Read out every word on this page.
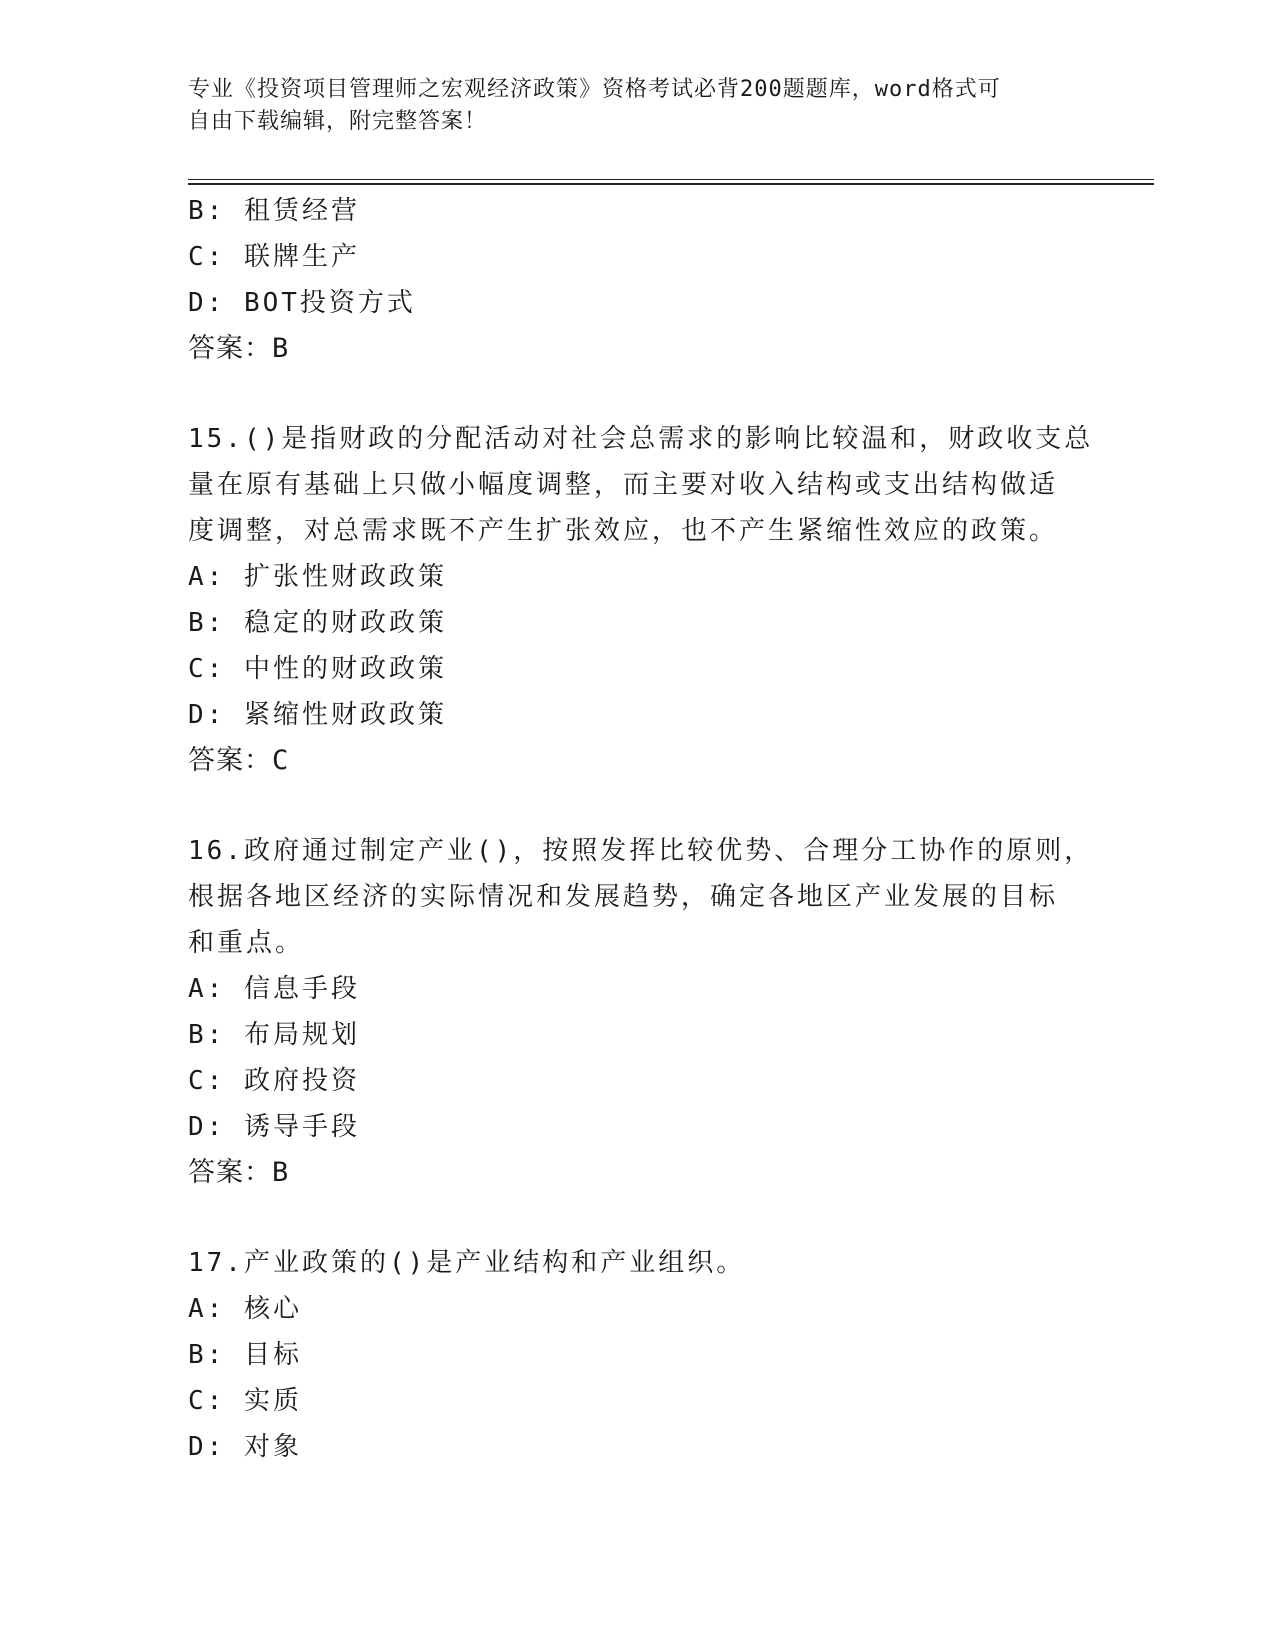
专业《投资项目管理师之宏观经济政策》资格考试必背200题题库，word格式可
自由下载编辑，附完整答案！
B: 租赁经营
C: 联牌生产
D: BOT投资方式
答案：B
15.()是指财政的分配活动对社会总需求的影响比较温和，财政收支总
量在原有基础上只做小幅度调整，而主要对收入结构或支出结构做适
度调整，对总需求既不产生扩张效应，也不产生紧缩性效应的政策。
A: 扩张性财政政策
B: 稳定的财政政策
C: 中性的财政政策
D: 紧缩性财政政策
答案：C
16.政府通过制定产业()，按照发挥比较优势、合理分工协作的原则，
根据各地区经济的实际情况和发展趋势，确定各地区产业发展的目标
和重点。
A: 信息手段
B: 布局规划
C: 政府投资
D: 诱导手段
答案：B
17.产业政策的()是产业结构和产业组织。
A: 核心
B: 目标
C: 实质
D: 对象
